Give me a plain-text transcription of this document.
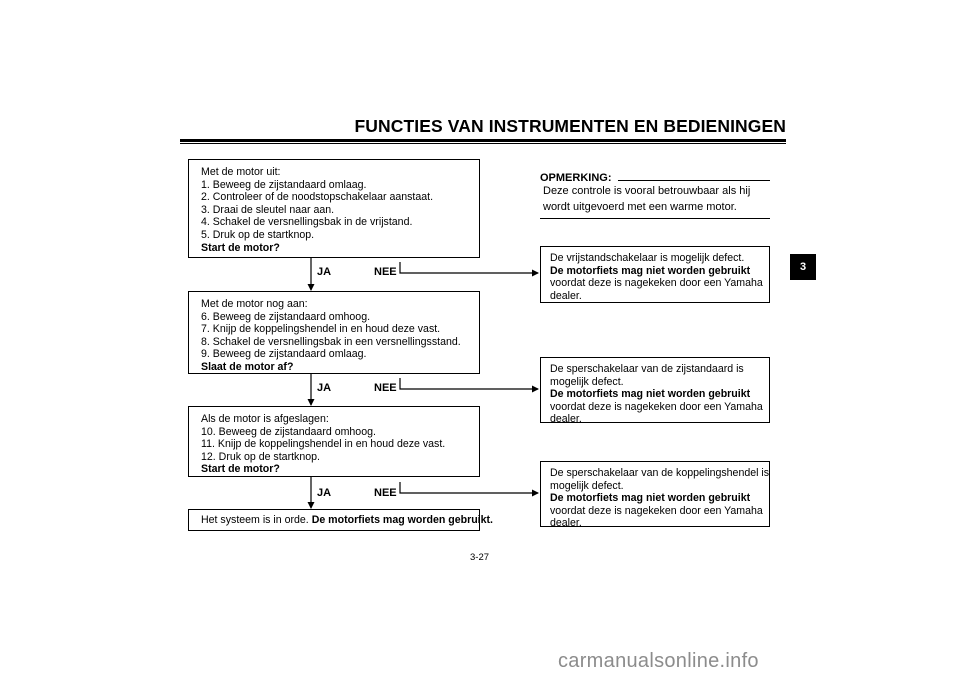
FUNCTIES VAN INSTRUMENTEN EN BEDIENINGEN
Met de motor uit:
1. Beweeg de zijstandaard omlaag.
2. Controleer of de noodstopschakelaar aanstaat.
3. Draai de sleutel naar aan.
4. Schakel de versnellingsbak in de vrijstand.
5. Druk op de startknop.
Start de motor?
JA	NEE
Met de motor nog aan:
6. Beweeg de zijstandaard omhoog.
7. Knijp de koppelingshendel in en houd deze vast.
8. Schakel de versnellingsbak in een versnellingsstand.
9. Beweeg de zijstandaard omlaag.
Slaat de motor af?
JA	NEE
Als de motor is afgeslagen:
10. Beweeg de zijstandaard omhoog.
11. Knijp de koppelingshendel in en houd deze vast.
12. Druk op de startknop.
Start de motor?
JA	NEE
Het systeem is in orde. De motorfiets mag worden gebruikt.
OPMERKING:
Deze controle is vooral betrouwbaar als hij wordt uitgevoerd met een warme motor.
De vrijstandschakelaar is mogelijk defect.
De motorfiets mag niet worden gebruikt
voordat deze is nagekeken door een Yamaha
dealer.
De sperschakelaar van de zijstandaard is
mogelijk defect.
De motorfiets mag niet worden gebruikt
voordat deze is nagekeken door een Yamaha
dealer.
De sperschakelaar van de koppelingshendel is
mogelijk defect.
De motorfiets mag niet worden gebruikt
voordat deze is nagekeken door een Yamaha
dealer.
3
3-27
carmanualsonline.info
